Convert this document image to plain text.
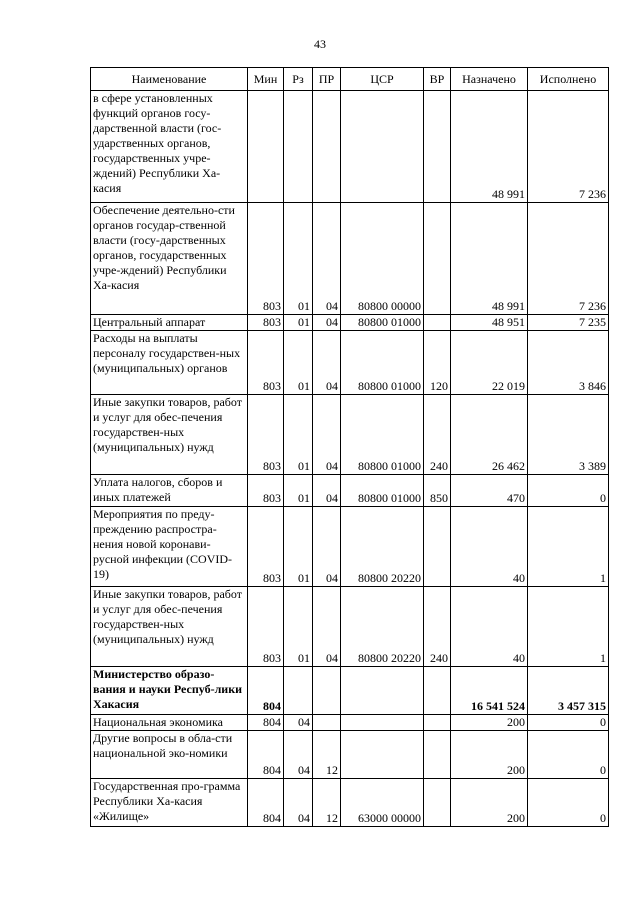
43
Наименование	Мин	Рз	ПР	ЦСР	ВР	Назначено	Исполнено
в сфере установленных функций органов госу-дарственной власти (гос-ударственных органов, государственных учре-ждений) Республики Ха-касия						48 991	7 236
Обеспечение деятельно-сти органов государ-ственной власти (госу-дарственных органов, государственных учре-ждений) Республики Ха-касия	803	01	04	80800 00000		48 991	7 236
Центральный аппарат	803	01	04	80800 01000		48 951	7 235
Расходы на выплаты персоналу государствен-ных (муниципальных) органов	803	01	04	80800 01000	120	22 019	3 846
Иные закупки товаров, работ и услуг для обес-печения государствен-ных (муниципальных) нужд	803	01	04	80800 01000	240	26 462	3 389
Уплата налогов, сборов и иных платежей	803	01	04	80800 01000	850	470	0
Мероприятия по преду-преждению распростра-нения новой коронави-русной инфекции (COVID-19)	803	01	04	80800 20220		40	1
Иные закупки товаров, работ и услуг для обес-печения государствен-ных (муниципальных) нужд	803	01	04	80800 20220	240	40	1
Министерство образо-вания и науки Респуб-лики Хакасия	804					16 541 524	3 457 315
Национальная экономика	804	04				200	0
Другие вопросы в обла-сти национальной эко-номики	804	04	12			200	0
Государственная про-грамма Республики Ха-касия «Жилище»	804	04	12	63000 00000		200	0
